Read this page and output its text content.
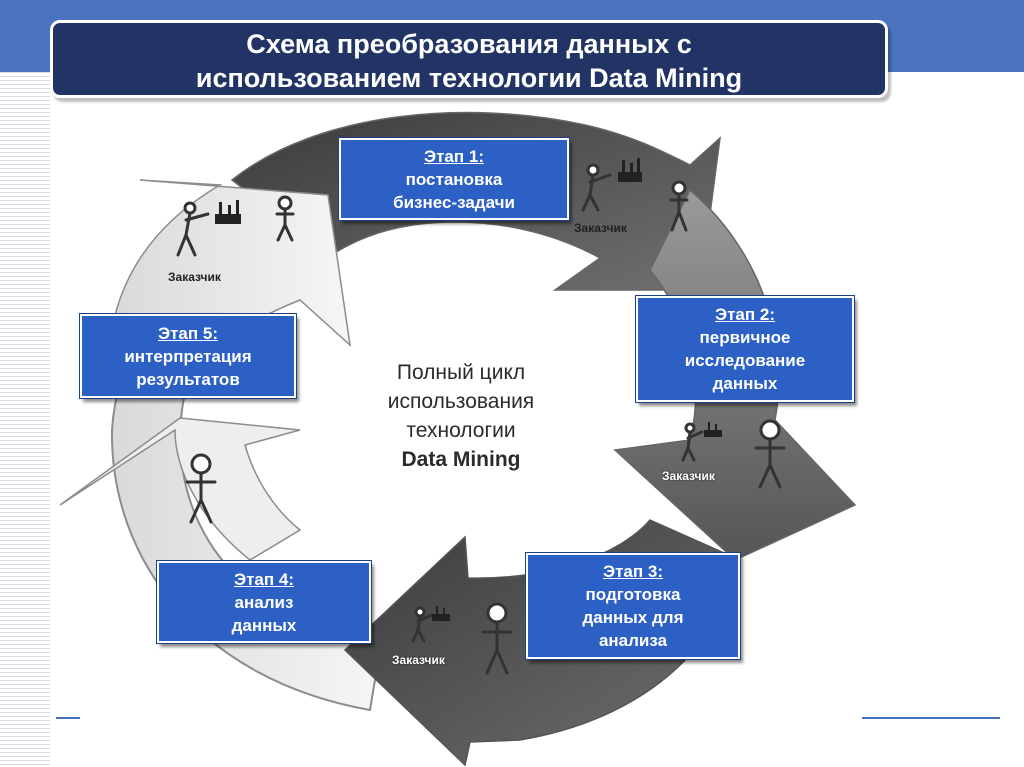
Схема преобразования данных с
использованием технологии Data Mining
Полный цикл
использования
технологии
Data Mining
Заказчик
Заказчик
Заказчик
Заказчик
Этап 1:
постановка
бизнес-задачи
Этап 2:
первичное
исследование
данных
Этап 3:
подготовка
данных для
анализа
Этап 4:
анализ
данных
Этап 5:
интерпретация
результатов
